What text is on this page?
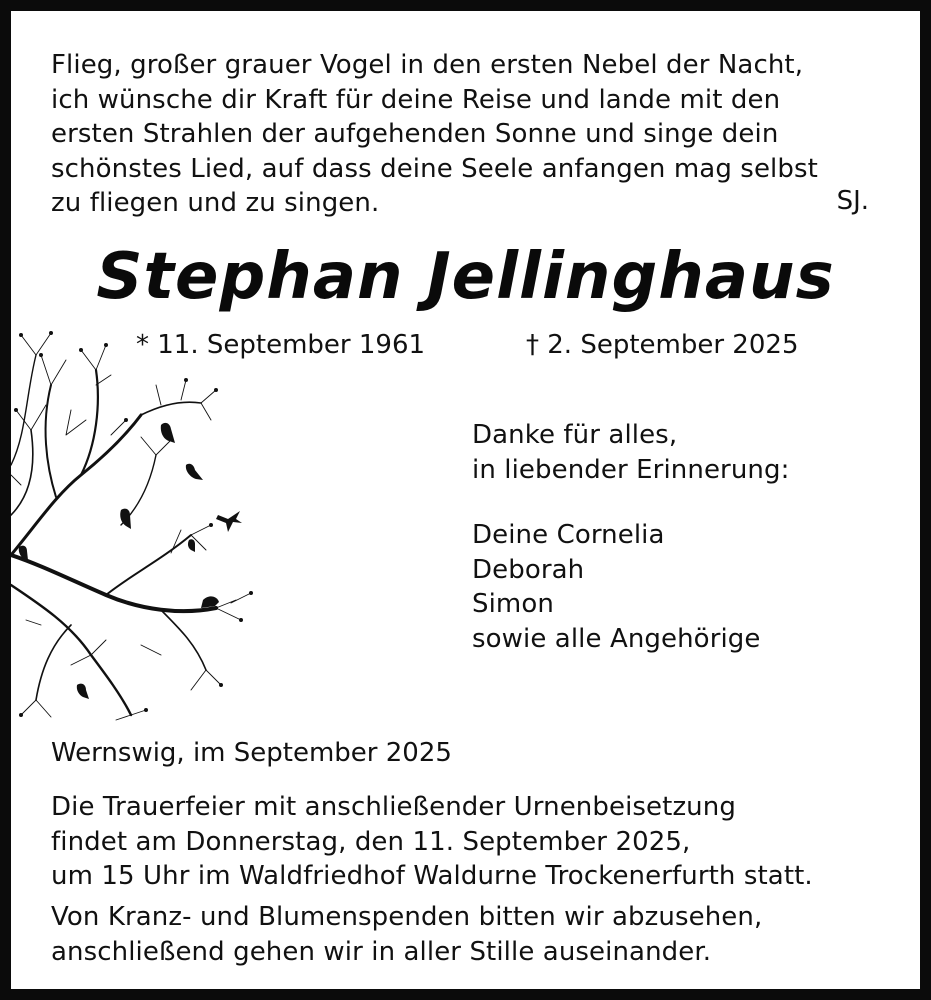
Flieg, großer grauer Vogel in den ersten Nebel der Nacht,
ich wünsche dir Kraft für deine Reise und lande mit den
ersten Strahlen der aufgehenden Sonne und singe dein
schönstes Lied, auf dass deine Seele anfangen mag selbst
zu fliegen und zu singen.	SJ.
Stephan Jellinghaus
* 11. September 1961	† 2. September 2025
Danke für alles,
in liebender Erinnerung:
Deine Cornelia
Deborah
Simon
sowie alle Angehörige
Wernswig, im September 2025
Die Trauerfeier mit anschließender Urnenbeisetzung
findet am Donnerstag, den 11. September 2025,
um 15 Uhr im Waldfriedhof Waldurne Trockenerfurth statt.
Von Kranz- und Blumenspenden bitten wir abzusehen,
anschließend gehen wir in aller Stille auseinander.
